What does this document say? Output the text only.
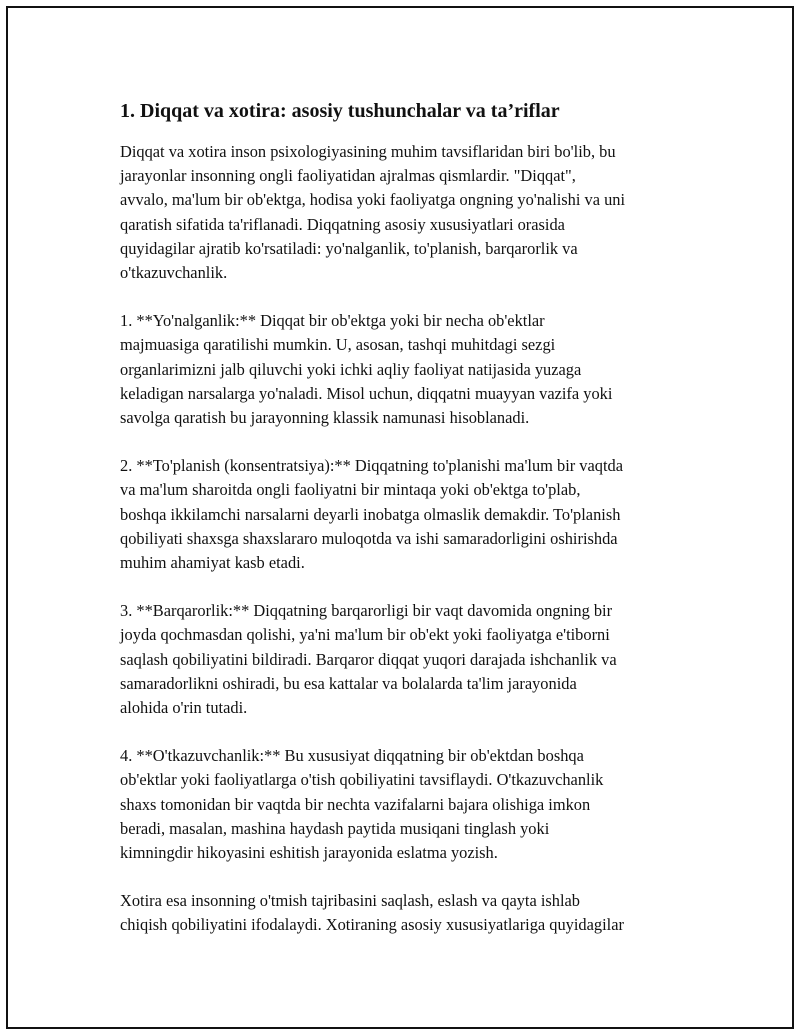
1. Diqqat va xotira: asosiy tushunchalar va ta’riflar

Diqqat va xotira inson psixologiyasining muhim tavsiflaridan biri bo'lib, bu
jarayonlar insonning ongli faoliyatidan ajralmas qismlardir. "Diqqat",
avvalo, ma'lum bir ob'ektga, hodisa yoki faoliyatga ongning yo'nalishi va uni
qaratish sifatida ta'riflanadi. Diqqatning asosiy xususiyatlari orasida
quyidagilar ajratib ko'rsatiladi: yo'nalganlik, to'planish, barqarorlik va
o'tkazuvchanlik.

1. **Yo'nalganlik:** Diqqat bir ob'ektga yoki bir necha ob'ektlar
majmuasiga qaratilishi mumkin. U, asosan, tashqi muhitdagi sezgi
organlarimizni jalb qiluvchi yoki ichki aqliy faoliyat natijasida yuzaga
keladigan narsalarga yo'naladi. Misol uchun, diqqatni muayyan vazifa yoki
savolga qaratish bu jarayonning klassik namunasi hisoblanadi.

2. **To'planish (konsentratsiya):** Diqqatning to'planishi ma'lum bir vaqtda
va ma'lum sharoitda ongli faoliyatni bir mintaqa yoki ob'ektga to'plab,
boshqa ikkilamchi narsalarni deyarli inobatga olmaslik demakdir. To'planish
qobiliyati shaxsga shaxslararo muloqotda va ishi samaradorligini oshirishda
muhim ahamiyat kasb etadi.

3. **Barqarorlik:** Diqqatning barqarorligi bir vaqt davomida ongning bir
joyda qochmasdan qolishi, ya'ni ma'lum bir ob'ekt yoki faoliyatga e'tiborni
saqlash qobiliyatini bildiradi. Barqaror diqqat yuqori darajada ishchanlik va
samaradorlikni oshiradi, bu esa kattalar va bolalarda ta'lim jarayonida
alohida o'rin tutadi.

4. **O'tkazuvchanlik:** Bu xususiyat diqqatning bir ob'ektdan boshqa
ob'ektlar yoki faoliyatlarga o'tish qobiliyatini tavsiflaydi. O'tkazuvchanlik
shaxs tomonidan bir vaqtda bir nechta vazifalarni bajara olishiga imkon
beradi, masalan, mashina haydash paytida musiqani tinglash yoki
kimningdir hikoyasini eshitish jarayonida eslatma yozish.

Xotira esa insonning o'tmish tajribasini saqlash, eslash va qayta ishlab
chiqish qobiliyatini ifodalaydi. Xotiraning asosiy xususiyatlariga quyidagilar
